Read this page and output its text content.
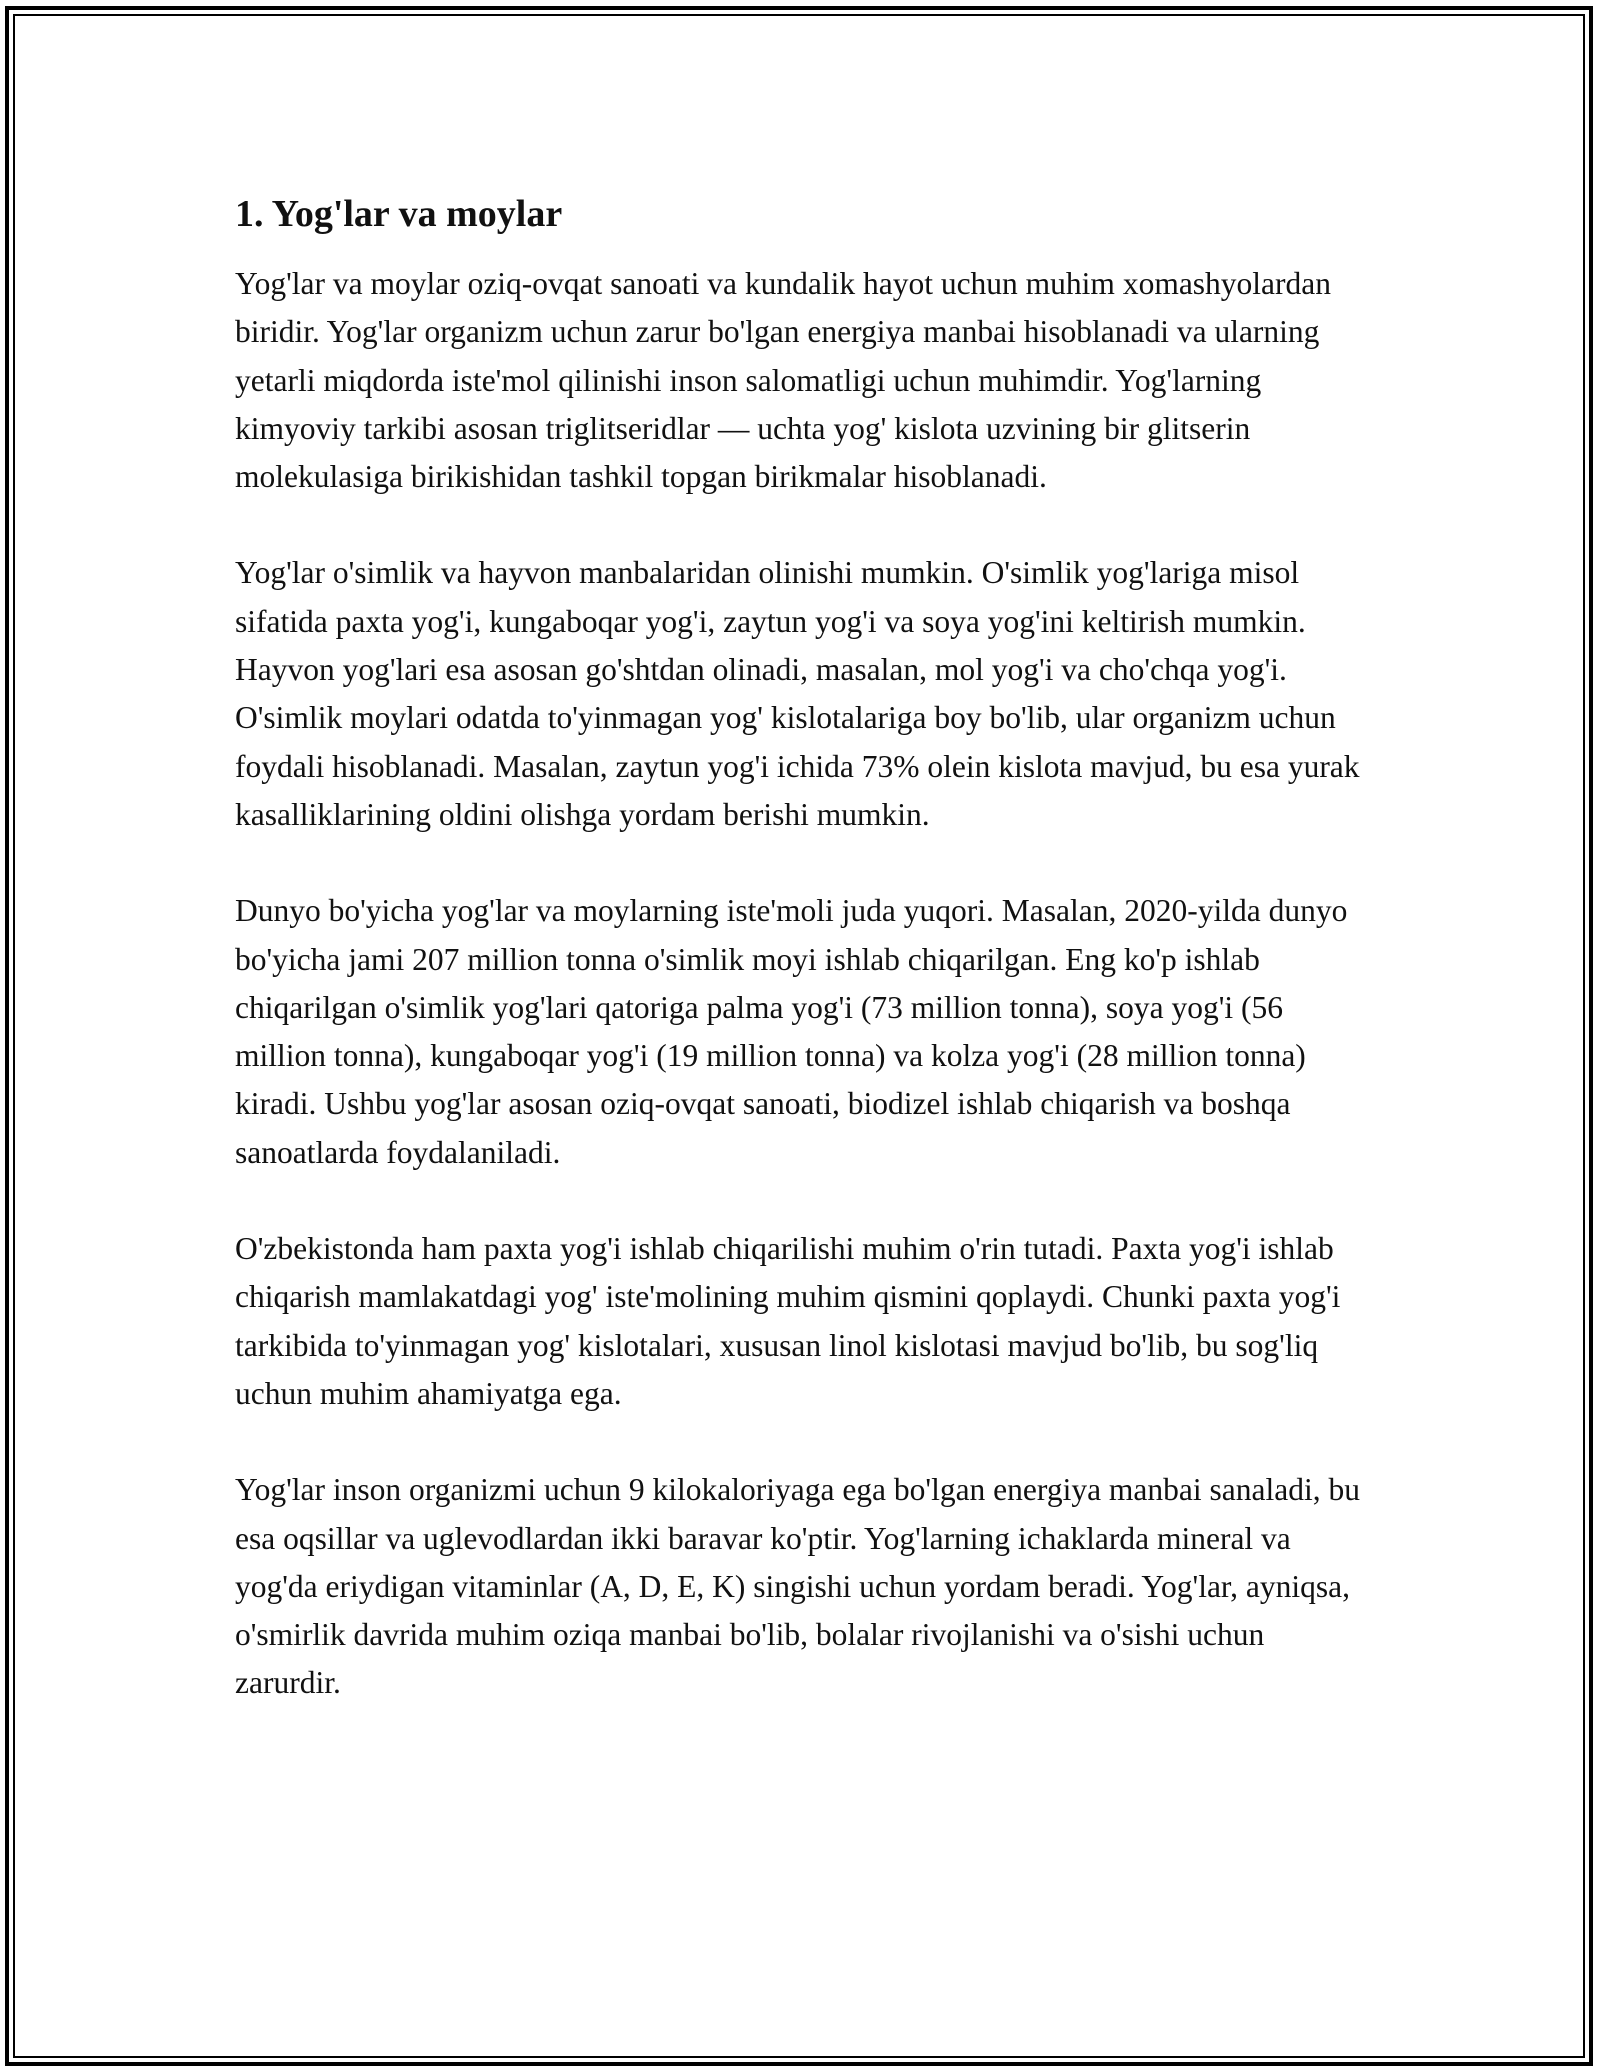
1. Yog'lar va moylar

Yog'lar va moylar oziq-ovqat sanoati va kundalik hayot uchun muhim xomashyolardan biridir. Yog'lar organizm uchun zarur bo'lgan energiya manbai hisoblanadi va ularning yetarli miqdorda iste'mol qilinishi inson salomatligi uchun muhimdir. Yog'larning kimyoviy tarkibi asosan triglitseridlar — uchta yog' kislota uzvining bir glitserin molekulasiga birikishidan tashkil topgan birikmalar hisoblanadi.

Yog'lar o'simlik va hayvon manbalaridan olinishi mumkin. O'simlik yog'lariga misol sifatida paxta yog'i, kungaboqar yog'i, zaytun yog'i va soya yog'ini keltirish mumkin. Hayvon yog'lari esa asosan go'shtdan olinadi, masalan, mol yog'i va cho'chqa yog'i. O'simlik moylari odatda to'yinmagan yog' kislotalariga boy bo'lib, ular organizm uchun foydali hisoblanadi. Masalan, zaytun yog'i ichida 73% olein kislota mavjud, bu esa yurak kasalliklarining oldini olishga yordam berishi mumkin.

Dunyo bo'yicha yog'lar va moylarning iste'moli juda yuqori. Masalan, 2020-yilda dunyo bo'yicha jami 207 million tonna o'simlik moyi ishlab chiqarilgan. Eng ko'p ishlab chiqarilgan o'simlik yog'lari qatoriga palma yog'i (73 million tonna), soya yog'i (56 million tonna), kungaboqar yog'i (19 million tonna) va kolza yog'i (28 million tonna) kiradi. Ushbu yog'lar asosan oziq-ovqat sanoati, biodizel ishlab chiqarish va boshqa sanoatlarda foydalaniladi.

O'zbekistonda ham paxta yog'i ishlab chiqarilishi muhim o'rin tutadi. Paxta yog'i ishlab chiqarish mamlakatdagi yog' iste'molining muhim qismini qoplaydi. Chunki paxta yog'i tarkibida to'yinmagan yog' kislotalari, xususan linol kislotasi mavjud bo'lib, bu sog'liq uchun muhim ahamiyatga ega.

Yog'lar inson organizmi uchun 9 kilokaloriyaga ega bo'lgan energiya manbai sanaladi, bu esa oqsillar va uglevodlardan ikki baravar ko'ptir. Yog'larning ichaklarda mineral va yog'da eriydigan vitaminlar (A, D, E, K) singishi uchun yordam beradi. Yog'lar, ayniqsa, o'smirlik davrida muhim oziqa manbai bo'lib, bolalar rivojlanishi va o'sishi uchun zarurdir.
